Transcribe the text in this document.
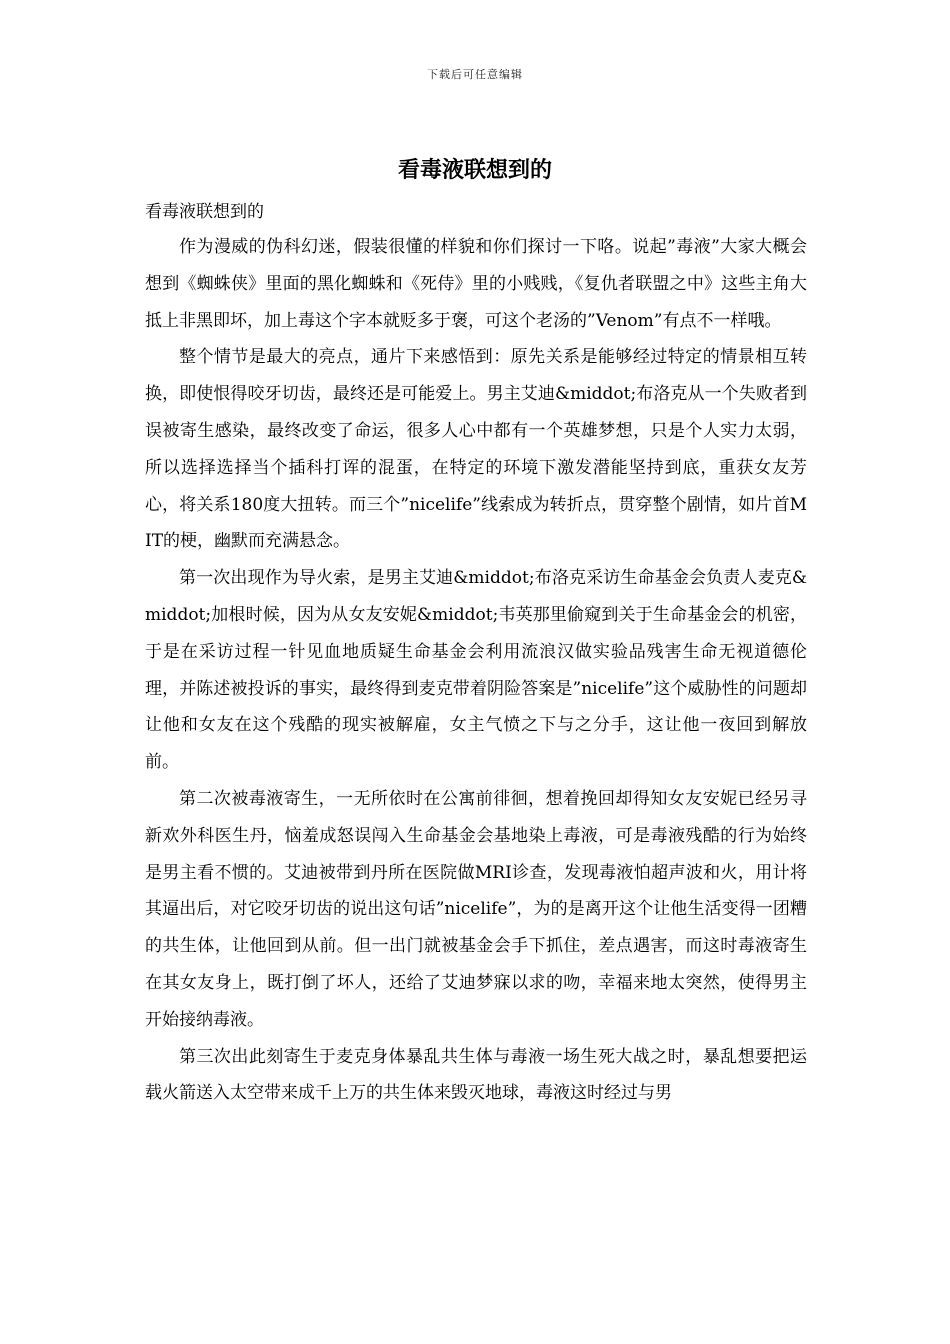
下载后可任意编辑
看毒液联想到的
看毒液联想到的

作为漫威的伪科幻迷，假装很懂的样貌和你们探讨一下咯。说起”毒液”大家大概会想到《蜘蛛侠》里面的黑化蜘蛛和《死侍》里的小贱贱，《复仇者联盟之中》这些主角大抵上非黑即坏，加上毒这个字本就贬多于褒，可这个老汤的”Venom”有点不一样哦。

整个情节是最大的亮点，通片下来感悟到：原先关系是能够经过特定的情景相互转换，即使恨得咬牙切齿，最终还是可能爱上。男主艾迪&middot;布洛克从一个失败者到误被寄生感染，最终改变了命运，很多人心中都有一个英雄梦想，只是个人实力太弱，所以选择选择当个插科打诨的混蛋，在特定的环境下激发潜能坚持到底，重获女友芳心，将关系180度大扭转。而三个”nicelife”线索成为转折点，贯穿整个剧情，如片首MIT的梗，幽默而充满悬念。

第一次出现作为导火索，是男主艾迪&middot;布洛克采访生命基金会负责人麦克&middot;加根时候，因为从女友安妮&middot;韦英那里偷窥到关于生命基金会的机密，于是在采访过程一针见血地质疑生命基金会利用流浪汉做实验品残害生命无视道德伦理，并陈述被投诉的事实，最终得到麦克带着阴险答案是”nicelife”这个威胁性的问题却让他和女友在这个残酷的现实被解雇，女主气愤之下与之分手，这让他一夜回到解放前。

第二次被毒液寄生，一无所依时在公寓前徘徊，想着挽回却得知女友安妮已经另寻新欢外科医生丹，恼羞成怒误闯入生命基金会基地染上毒液，可是毒液残酷的行为始终是男主看不惯的。艾迪被带到丹所在医院做MRI诊查，发现毒液怕超声波和火，用计将其逼出后，对它咬牙切齿的说出这句话”nicelife”，为的是离开这个让他生活变得一团糟的共生体，让他回到从前。但一出门就被基金会手下抓住，差点遇害，而这时毒液寄生在其女友身上，既打倒了坏人，还给了艾迪梦寐以求的吻，幸福来地太突然，使得男主开始接纳毒液。

第三次出此刻寄生于麦克身体暴乱共生体与毒液一场生死大战之时，暴乱想要把运载火箭送入太空带来成千上万的共生体来毁灭地球，毒液这时经过与男
